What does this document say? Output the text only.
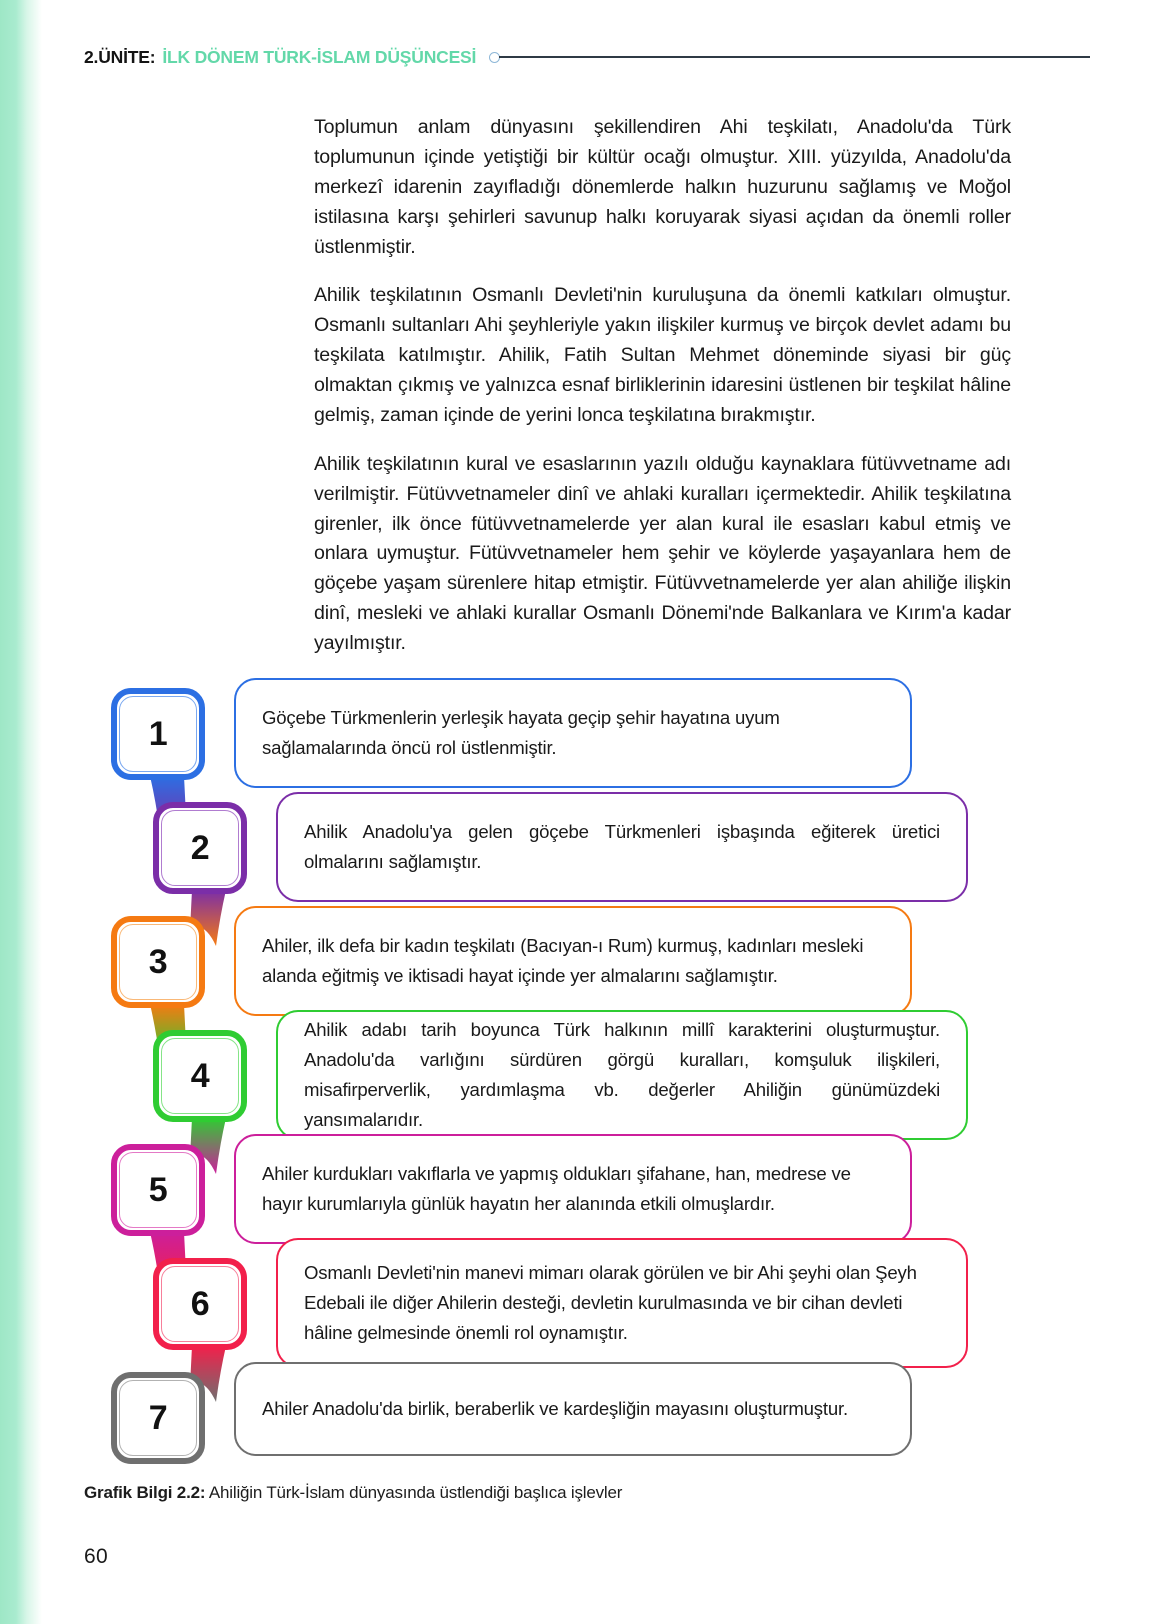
2.ÜNİTE: İLK DÖNEM TÜRK-İSLAM DÜŞÜNCESİ

Toplumun anlam dünyasını şekillendiren Ahi teşkilatı, Anadolu'da Türk toplumunun içinde yetiştiği bir kültür ocağı olmuştur. XIII. yüzyılda, Anadolu'da merkezî idarenin zayıfladığı dönemlerde halkın huzurunu sağlamış ve Moğol istilasına karşı şehirleri savunup halkı koruyarak siyasi açıdan da önemli roller üstlenmiştir.

Ahilik teşkilatının Osmanlı Devleti'nin kuruluşuna da önemli katkıları olmuştur. Osmanlı sultanları Ahi şeyhleriyle yakın ilişkiler kurmuş ve birçok devlet adamı bu teşkilata katılmıştır. Ahilik, Fatih Sultan Mehmet döneminde siyasi bir güç olmaktan çıkmış ve yalnızca esnaf birliklerinin idaresini üstlenen bir teşkilat hâline gelmiş, zaman içinde de yerini lonca teşkilatına bırakmıştır.

Ahilik teşkilatının kural ve esaslarının yazılı olduğu kaynaklara fütüvvetname adı verilmiştir. Fütüvvetnameler dinî ve ahlaki kuralları içermektedir. Ahilik teşkilatına girenler, ilk önce fütüvvetnamelerde yer alan kural ile esasları kabul etmiş ve onlara uymuştur. Fütüvvetnameler hem şehir ve köylerde yaşayanlara hem de göçebe yaşam sürenlere hitap etmiştir. Fütüvvetnamelerde yer alan ahiliğe ilişkin dinî, mesleki ve ahlaki kurallar Osmanlı Dönemi'nde Balkanlara ve Kırım'a kadar yayılmıştır.

1	Göçebe Türkmenlerin yerleşik hayata geçip şehir hayatına uyum sağlamalarında öncü rol üstlenmiştir.

2	Ahilik Anadolu'ya gelen göçebe Türkmenleri işbaşında eğiterek üretici olmalarını sağlamıştır.

3	Ahiler, ilk defa bir kadın teşkilatı (Bacıyan-ı Rum) kurmuş, kadınları mesleki alanda eğitmiş ve iktisadi hayat içinde yer almalarını sağlamıştır.

4

Ahilik adabı tarih boyunca Türk halkının millî karakterini oluşturmuştur. Anadolu'da varlığını sürdüren görgü kuralları, komşuluk ilişkileri, misafirperverlik, yardımlaşma vb. değerler Ahiliğin günümüzdeki yansımalarıdır.

5	Ahiler kurdukları vakıflarla ve yapmış oldukları şifahane, han, medrese ve hayır kurumlarıyla günlük hayatın her alanında etkili olmuşlardır.

6

Osmanlı Devleti'nin manevi mimarı olarak görülen ve bir Ahi şeyhi olan Şeyh Edebali ile diğer Ahilerin desteği, devletin kurulmasında ve bir cihan devleti hâline gelmesinde önemli rol oynamıştır.

7	Ahiler Anadolu'da birlik, beraberlik ve kardeşliğin mayasını oluşturmuştur.

Grafik Bilgi 2.2: Ahiliğin Türk-İslam dünyasında üstlendiği başlıca işlevler
60
